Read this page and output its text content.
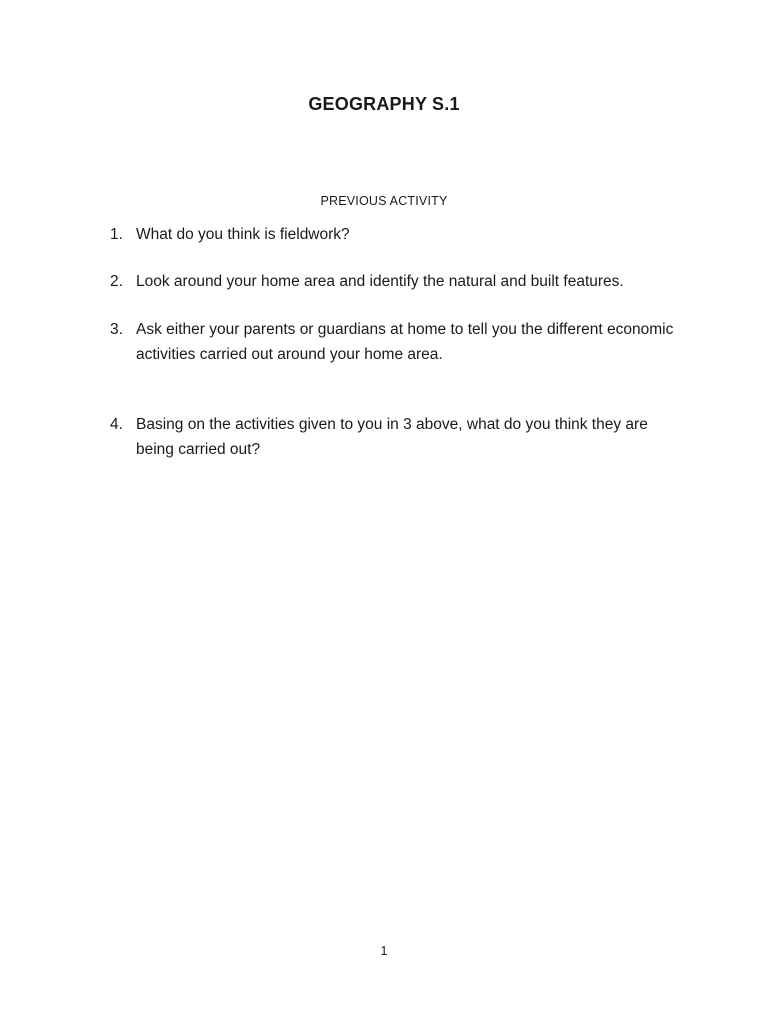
GEOGRAPHY S.1
PREVIOUS ACTIVITY
1. What do you think is fieldwork?
2. Look around your home area and identify the natural and built features.
3. Ask either your parents or guardians at home to tell you the different economic activities carried out around your home area.
4. Basing on the activities given to you in 3 above, what do you think they are being carried out?
1
